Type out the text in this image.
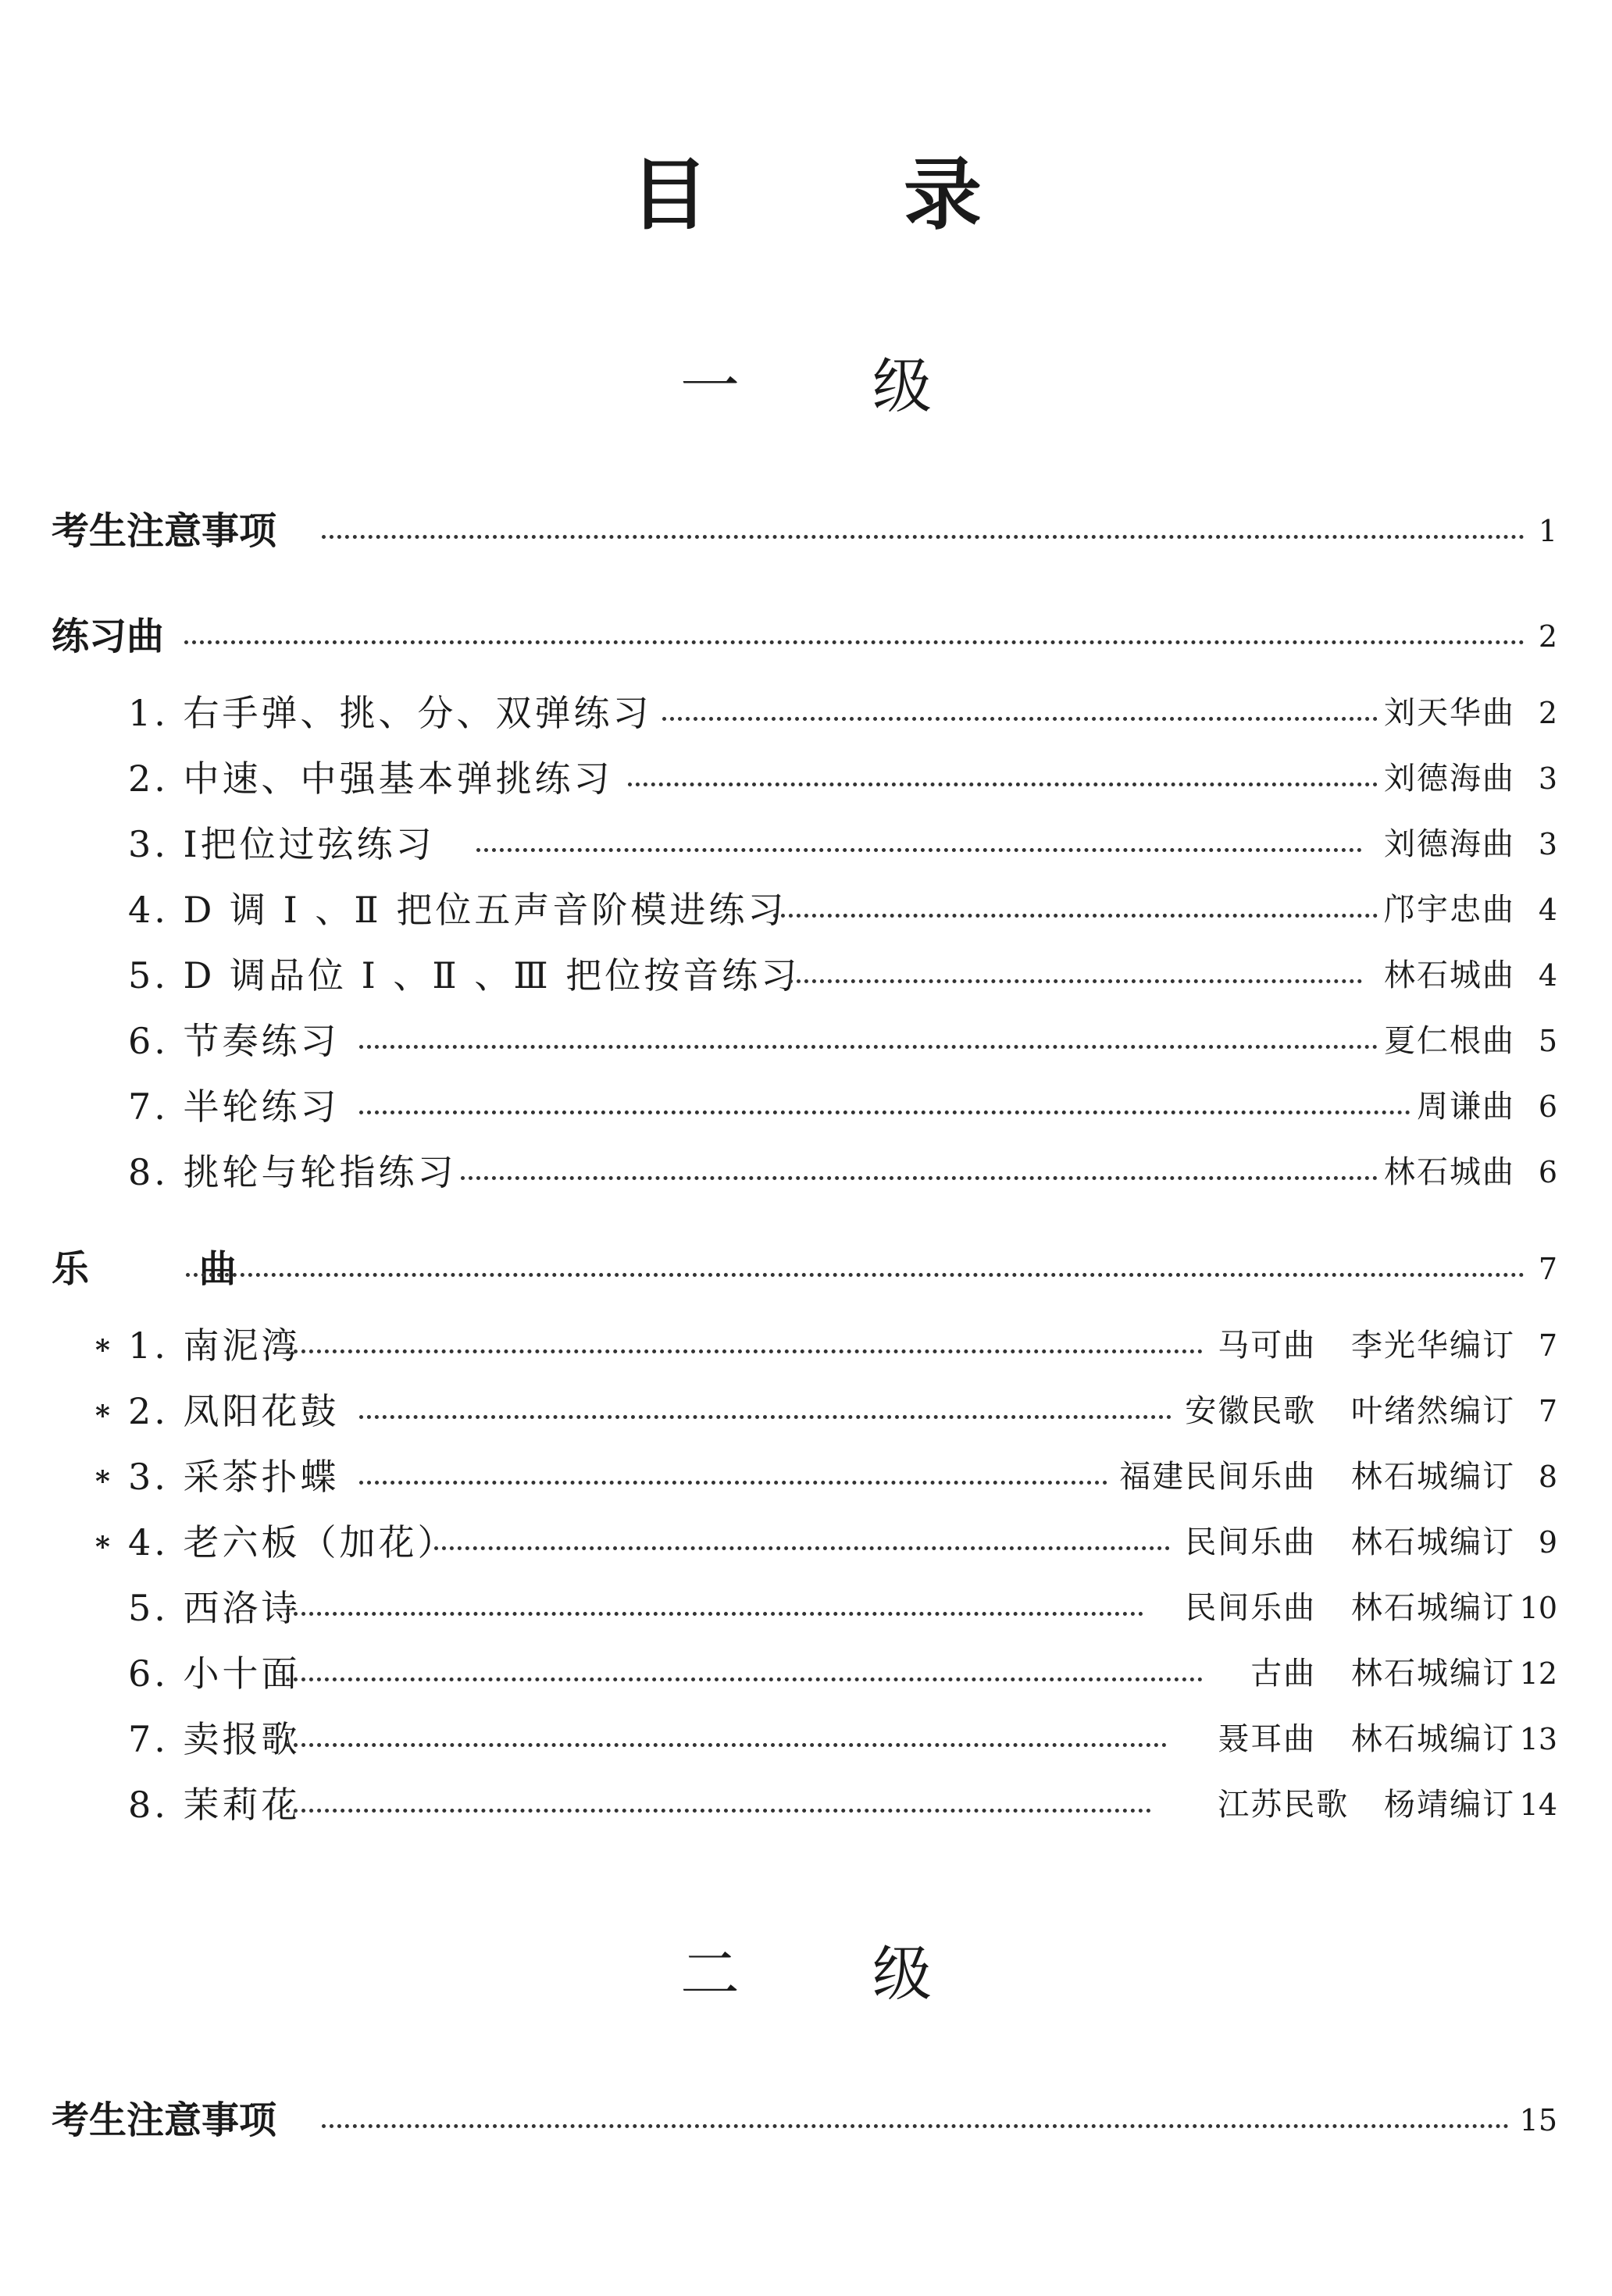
目录
一级
考生注意事项	1
练习曲	2
1. 右手弹、挑、分、双弹练习	刘天华曲 2
2. 中速、中强基本弹挑练习	刘德海曲 3
3. Ⅰ把位过弦练习	刘德海曲 3
4. D 调 Ⅰ 、Ⅱ 把位五声音阶模进练习	邝宇忠曲 4
5. D 调品位 Ⅰ 、Ⅱ 、Ⅲ 把位按音练习	林石城曲 4
6. 节奏练习	夏仁根曲 5
7. 半轮练习	周谦曲 6
8. 挑轮与轮指练习	林石城曲 6
乐 曲	7
* 1. 南泥湾	马可曲 李光华编订 7
* 2. 凤阳花鼓	安徽民歌 叶绪然编订 7
* 3. 采茶扑蝶	福建民间乐曲 林石城编订 8
* 4. 老六板（加花）	民间乐曲 林石城编订 9
5. 西洛诗	民间乐曲 林石城编订 10
6. 小十面	古曲 林石城编订 12
7. 卖报歌	聂耳曲 林石城编订 13
8. 茉莉花	江苏民歌 杨靖编订 14
二级
考生注意事项	15
